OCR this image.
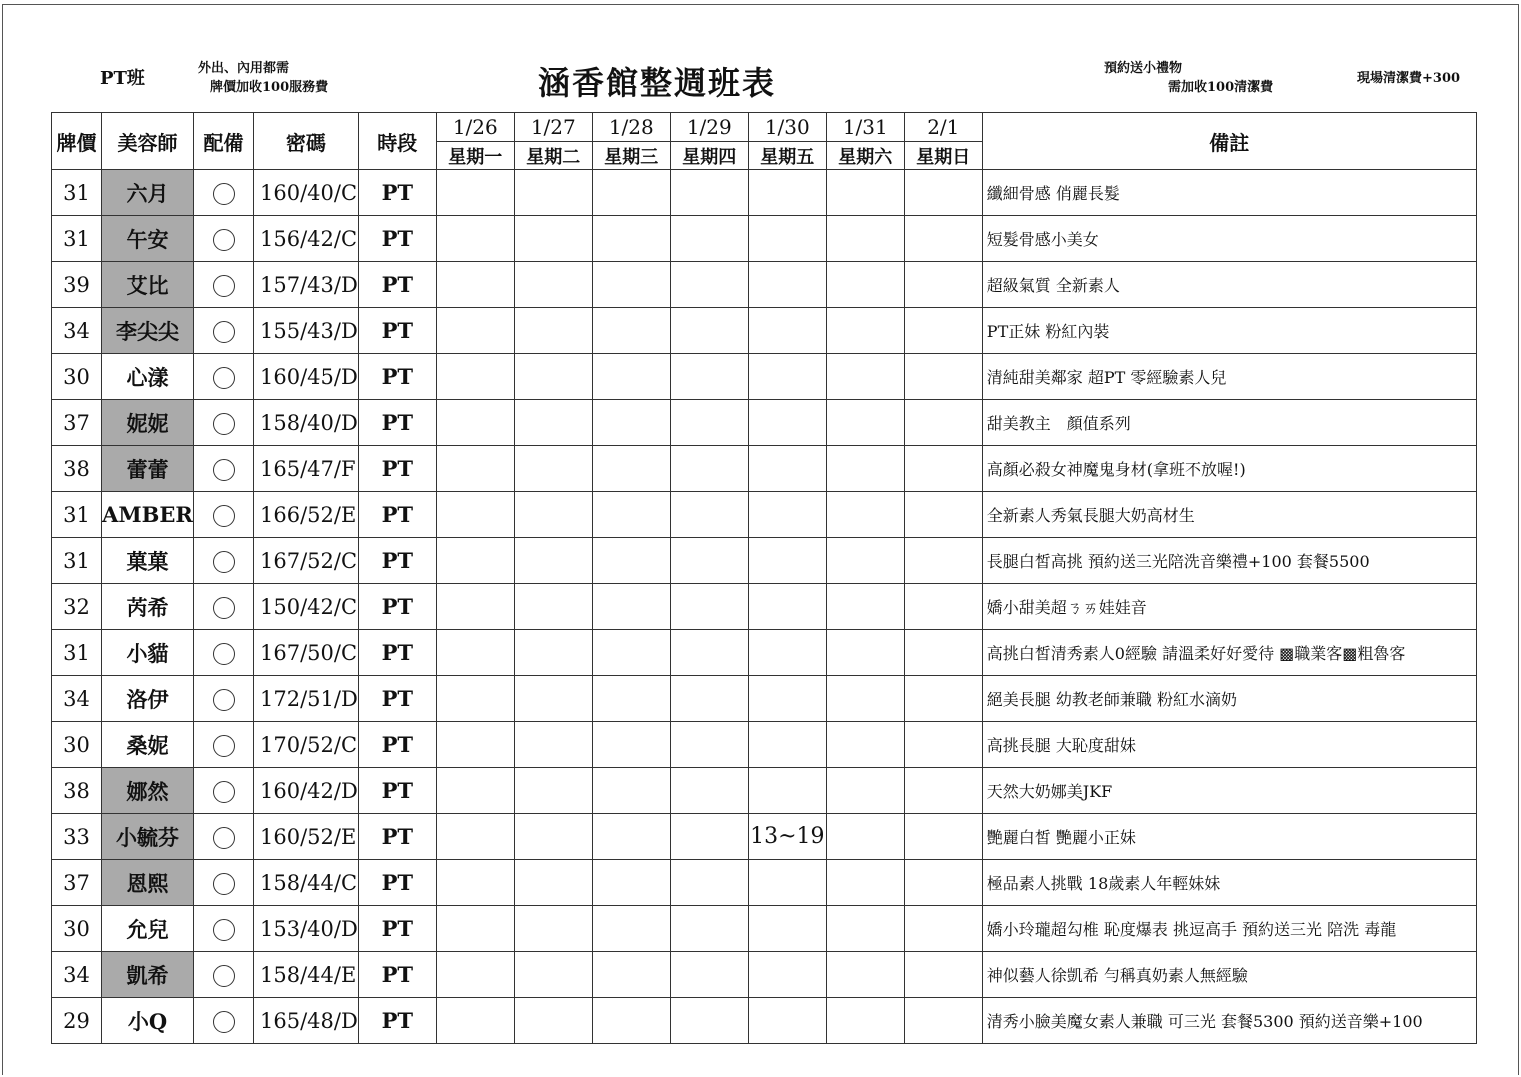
PT班	外出、內用都需
牌價加收100服務費	涵香館整週班表	預約送小禮物
需加收100清潔費
現場清潔費+300
牌價	美容師	配備	密碼	時段	1/26	1/27	1/28	1/29	1/30	1/31	2/1	備註
					星期一	星期二	星期三	星期四	星期五	星期六	星期日	
31	六月		160/40/C	PT								纖細骨感 俏麗長髮
31	午安		156/42/C	PT								短髮骨感小美女
39	艾比		157/43/D	PT								超級氣質 全新素人
34	李尖尖		155/43/D	PT								PT正妹 粉紅內裝
30	心漾		160/45/D	PT								清純甜美鄰家 超PT 零經驗素人兒
37	妮妮		158/40/D	PT								甜美教主　顏值系列
38	蕾蕾		165/47/F	PT								高顏必殺女神魔鬼身材(拿班不放喔!)
31	AMBER		166/52/E	PT								全新素人秀氣長腿大奶高材生
31	菓菓		167/52/C	PT								長腿白皙高挑 預約送三光陪洗音樂禮+100 套餐5500
32	芮希		150/42/C	PT								嬌小甜美超ㄋㄞ娃娃音
31	小貓		167/50/C	PT								高挑白皙清秀素人0經驗 請溫柔好好愛待 ▩職業客▩粗魯客
34	洛伊		172/51/D	PT								絕美長腿 幼教老師兼職 粉紅水滴奶
30	桑妮		170/52/C	PT								高挑長腿 大恥度甜妹
38	娜然		160/42/D	PT								天然大奶娜美JKF
33	小毓芬		160/52/E	PT					13~19			艷麗白皙 艷麗小正妹
37	恩熙		158/44/C	PT								極品素人挑戰 18歲素人年輕妹妹
30	允兒		153/40/D	PT								嬌小玲瓏超勾椎 恥度爆表 挑逗高手 預約送三光 陪洗 毒龍
34	凱希		158/44/E	PT								神似藝人徐凱希 勻稱真奶素人無經驗
29	小Q		165/48/D	PT								清秀小臉美魔女素人兼職 可三光 套餐5300 預約送音樂+100
